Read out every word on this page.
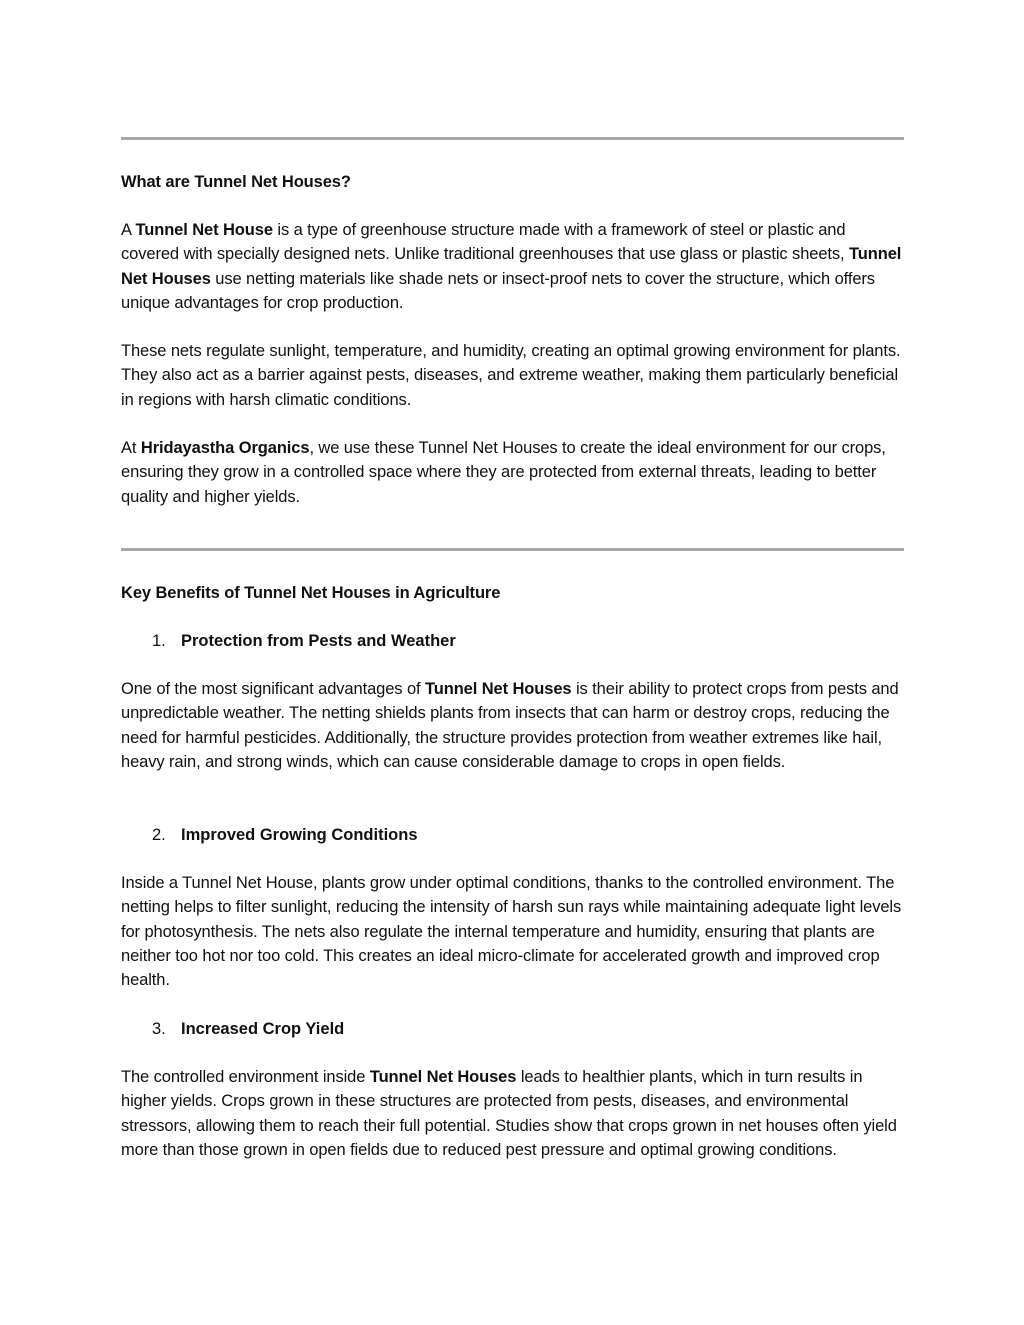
What are Tunnel Net Houses?

A Tunnel Net House is a type of greenhouse structure made with a framework of steel or plastic and covered with specially designed nets. Unlike traditional greenhouses that use glass or plastic sheets, Tunnel Net Houses use netting materials like shade nets or insect-proof nets to cover the structure, which offers unique advantages for crop production.

These nets regulate sunlight, temperature, and humidity, creating an optimal growing environment for plants. They also act as a barrier against pests, diseases, and extreme weather, making them particularly beneficial in regions with harsh climatic conditions.

At Hridayastha Organics, we use these Tunnel Net Houses to create the ideal environment for our crops, ensuring they grow in a controlled space where they are protected from external threats, leading to better quality and higher yields.

Key Benefits of Tunnel Net Houses in Agriculture

1. Protection from Pests and Weather

One of the most significant advantages of Tunnel Net Houses is their ability to protect crops from pests and unpredictable weather. The netting shields plants from insects that can harm or destroy crops, reducing the need for harmful pesticides. Additionally, the structure provides protection from weather extremes like hail, heavy rain, and strong winds, which can cause considerable damage to crops in open fields.

2. Improved Growing Conditions

Inside a Tunnel Net House, plants grow under optimal conditions, thanks to the controlled environment. The netting helps to filter sunlight, reducing the intensity of harsh sun rays while maintaining adequate light levels for photosynthesis. The nets also regulate the internal temperature and humidity, ensuring that plants are neither too hot nor too cold. This creates an ideal micro-climate for accelerated growth and improved crop health.

3. Increased Crop Yield

The controlled environment inside Tunnel Net Houses leads to healthier plants, which in turn results in higher yields. Crops grown in these structures are protected from pests, diseases, and environmental stressors, allowing them to reach their full potential. Studies show that crops grown in net houses often yield more than those grown in open fields due to reduced pest pressure and optimal growing conditions.
